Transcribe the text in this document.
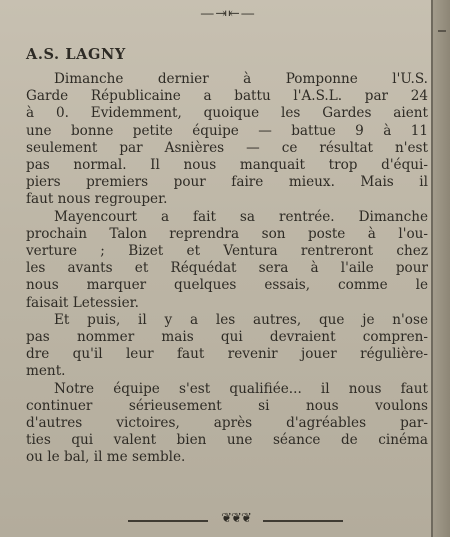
—⇥⇤—
A.S. LAGNY

Dimanche dernier à Pomponne l'U.S.
Garde Républicaine a battu l'A.S.L. par 24
à 0. Evidemment, quoique les Gardes aient
une bonne petite équipe — battue 9 à 11
seulement par Asnières — ce résultat n'est
pas normal. Il nous manquait trop d'équi-
piers premiers pour faire mieux. Mais il
faut nous regrouper.

Mayencourt a fait sa rentrée. Dimanche
prochain Talon reprendra son poste à l'ou-
verture ; Bizet et Ventura rentreront chez
les avants et Réquédat sera à l'aile pour
nous marquer quelques essais, comme le
faisait Letessier.

Et puis, il y a les autres, que je n'ose
pas nommer mais qui devraient compren-
dre qu'il leur faut revenir jouer régulière-
ment.

Notre équipe s'est qualifiée... il nous faut
continuer sérieusement si nous voulons
d'autres victoires, après d'agréables par-
ties qui valent bien une séance de cinéma
ou le bal, il me semble.

❦❦❦
